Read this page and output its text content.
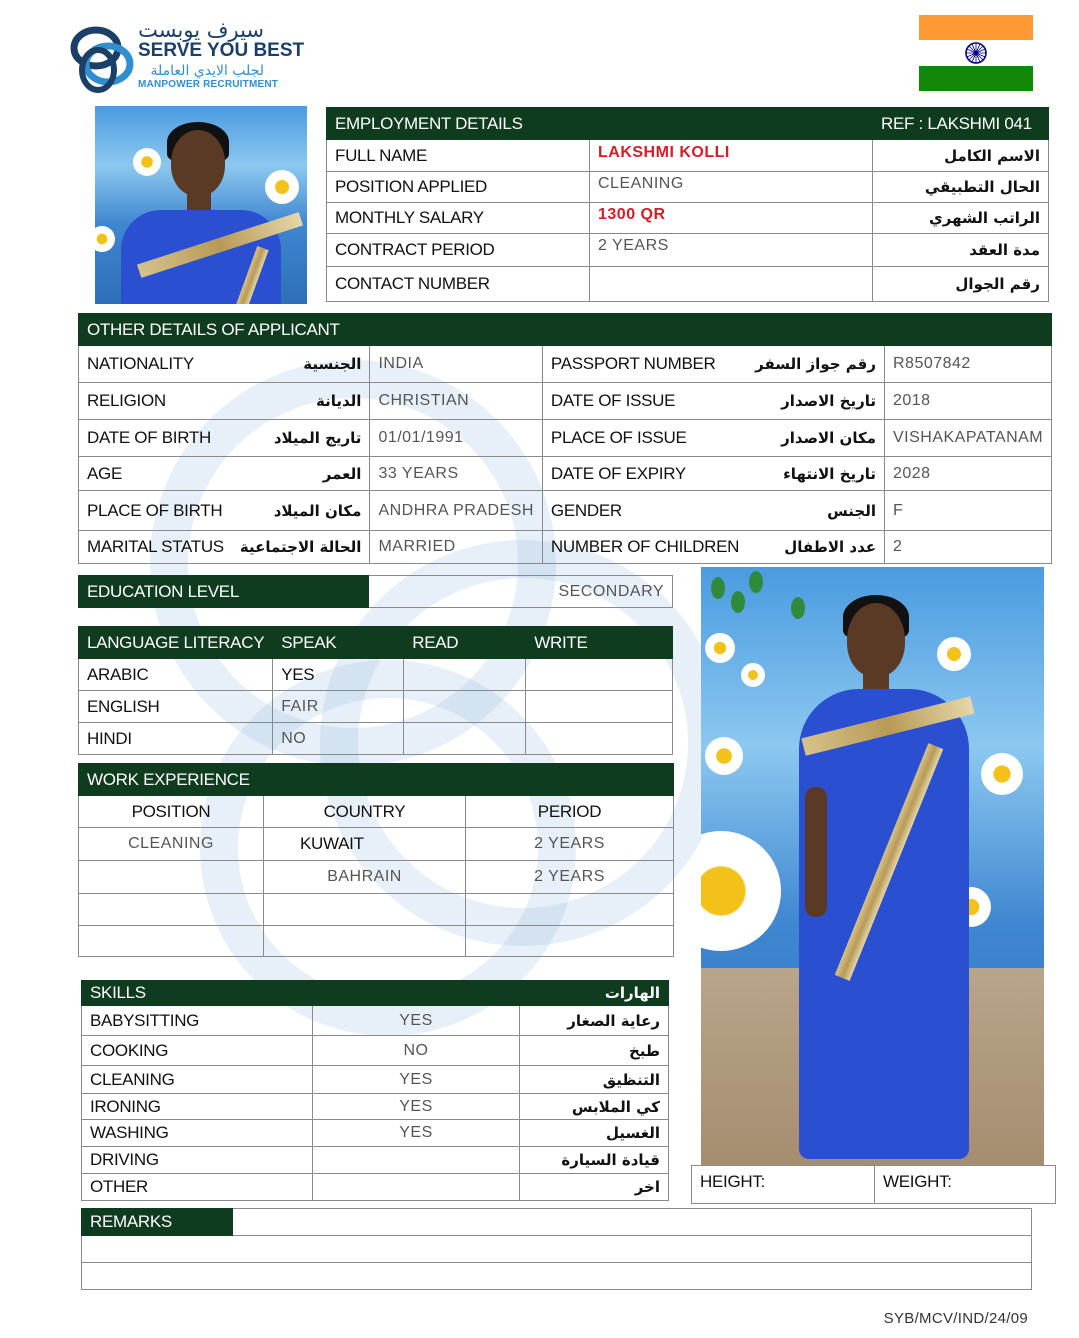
سيرف يوبست
SERVE YOU BEST
لجلب الايدي العاملة
MANPOWER RECRUITMENT
EMPLOYMENT DETAILS		REF : LAKSHMI 041
FULL NAME	LAKSHMI KOLLI	الاسم الكامل
POSITION APPLIED	CLEANING	الحال التطبيقي
MONTHLY SALARY	1300 QR	الراتب الشهري
CONTRACT PERIOD	2 YEARS	مدة العقد
CONTACT NUMBER		رقم الجوال
OTHER DETAILS OF APPLICANT					
NATIONALITY	الجنسية	INDIA	PASSPORT NUMBER	رقم جواز السفر	R8507842
RELIGION	الديانة	CHRISTIAN	DATE OF ISSUE	تاريخ الاصدار	2018
DATE OF BIRTH	تاريج الميلاد	01/01/1991	PLACE OF ISSUE	مكان الاصدار	VISHAKAPATANAM
AGE	العمر	33 YEARS	DATE OF EXPIRY	تاريخ الانتهاء	2028
PLACE OF BIRTH	مكان الميلاد	ANDHRA PRADESH	GENDER	الجنس	F
MARITAL STATUS	الحالة الاجتماعية	MARRIED	NUMBER OF CHILDREN	عدد الاطفال	2
EDUCATION LEVEL	SECONDARY
LANGUAGE LITERACY	SPEAK	READ	WRITE
ARABIC	YES		
ENGLISH	FAIR		
HINDI	NO		
WORK EXPERIENCE		
POSITION	COUNTRY	PERIOD
CLEANING	KUWAIT	2 YEARS
	BAHRAIN	2 YEARS

HEIGHT:	WEIGHT:
SKILLS	الهارات	
BABYSITTING	YES	رعاية الصغار
COOKING	NO	طبخ
CLEANING	YES	التنظيق
IRONING	YES	كي الملابس
WASHING	YES	الغسيل
DRIVING		قيادة السيارة
OTHER		اخر
REMARKS	

SYB/MCV/IND/24/09
